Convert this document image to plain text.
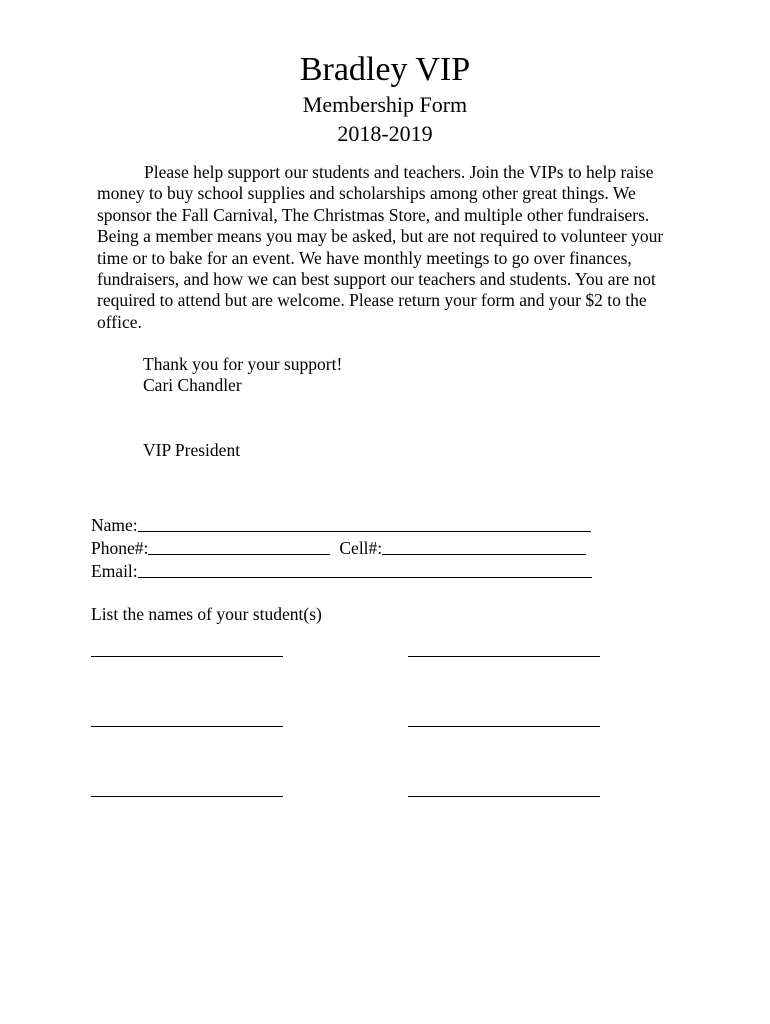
Bradley VIP
Membership Form
2018-2019

Please help support our students and teachers. Join the VIPs to help raise money to buy school supplies and scholarships among other great things. We sponsor the Fall Carnival, The Christmas Store, and multiple other fundraisers. Being a member means you may be asked, but are not required to volunteer your time or to bake for an event. We have monthly meetings to go over finances, fundraisers, and how we can best support our teachers and students. You are not required to attend but are welcome. Please return your form and your $2 to the office.

Thank you for your support!
Cari Chandler
VIP President
Name:
Phone#:	Cell#:
Email:
List the names of your student(s)
